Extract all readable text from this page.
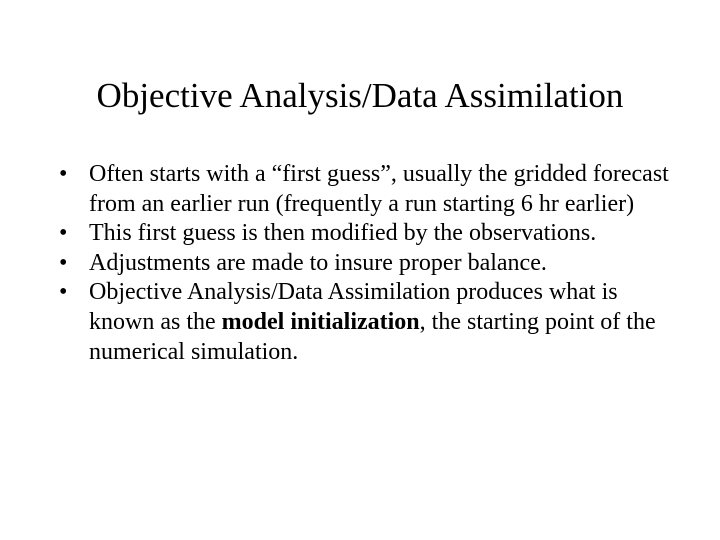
Objective Analysis/Data Assimilation
• Often starts with a “first guess”, usually the gridded forecast from an earlier run (frequently a run starting 6 hr earlier)
• This first guess is then modified by the observations.
• Adjustments are made to insure proper balance.
• Objective Analysis/Data Assimilation produces what is known as the model initialization, the starting point of the numerical simulation.
